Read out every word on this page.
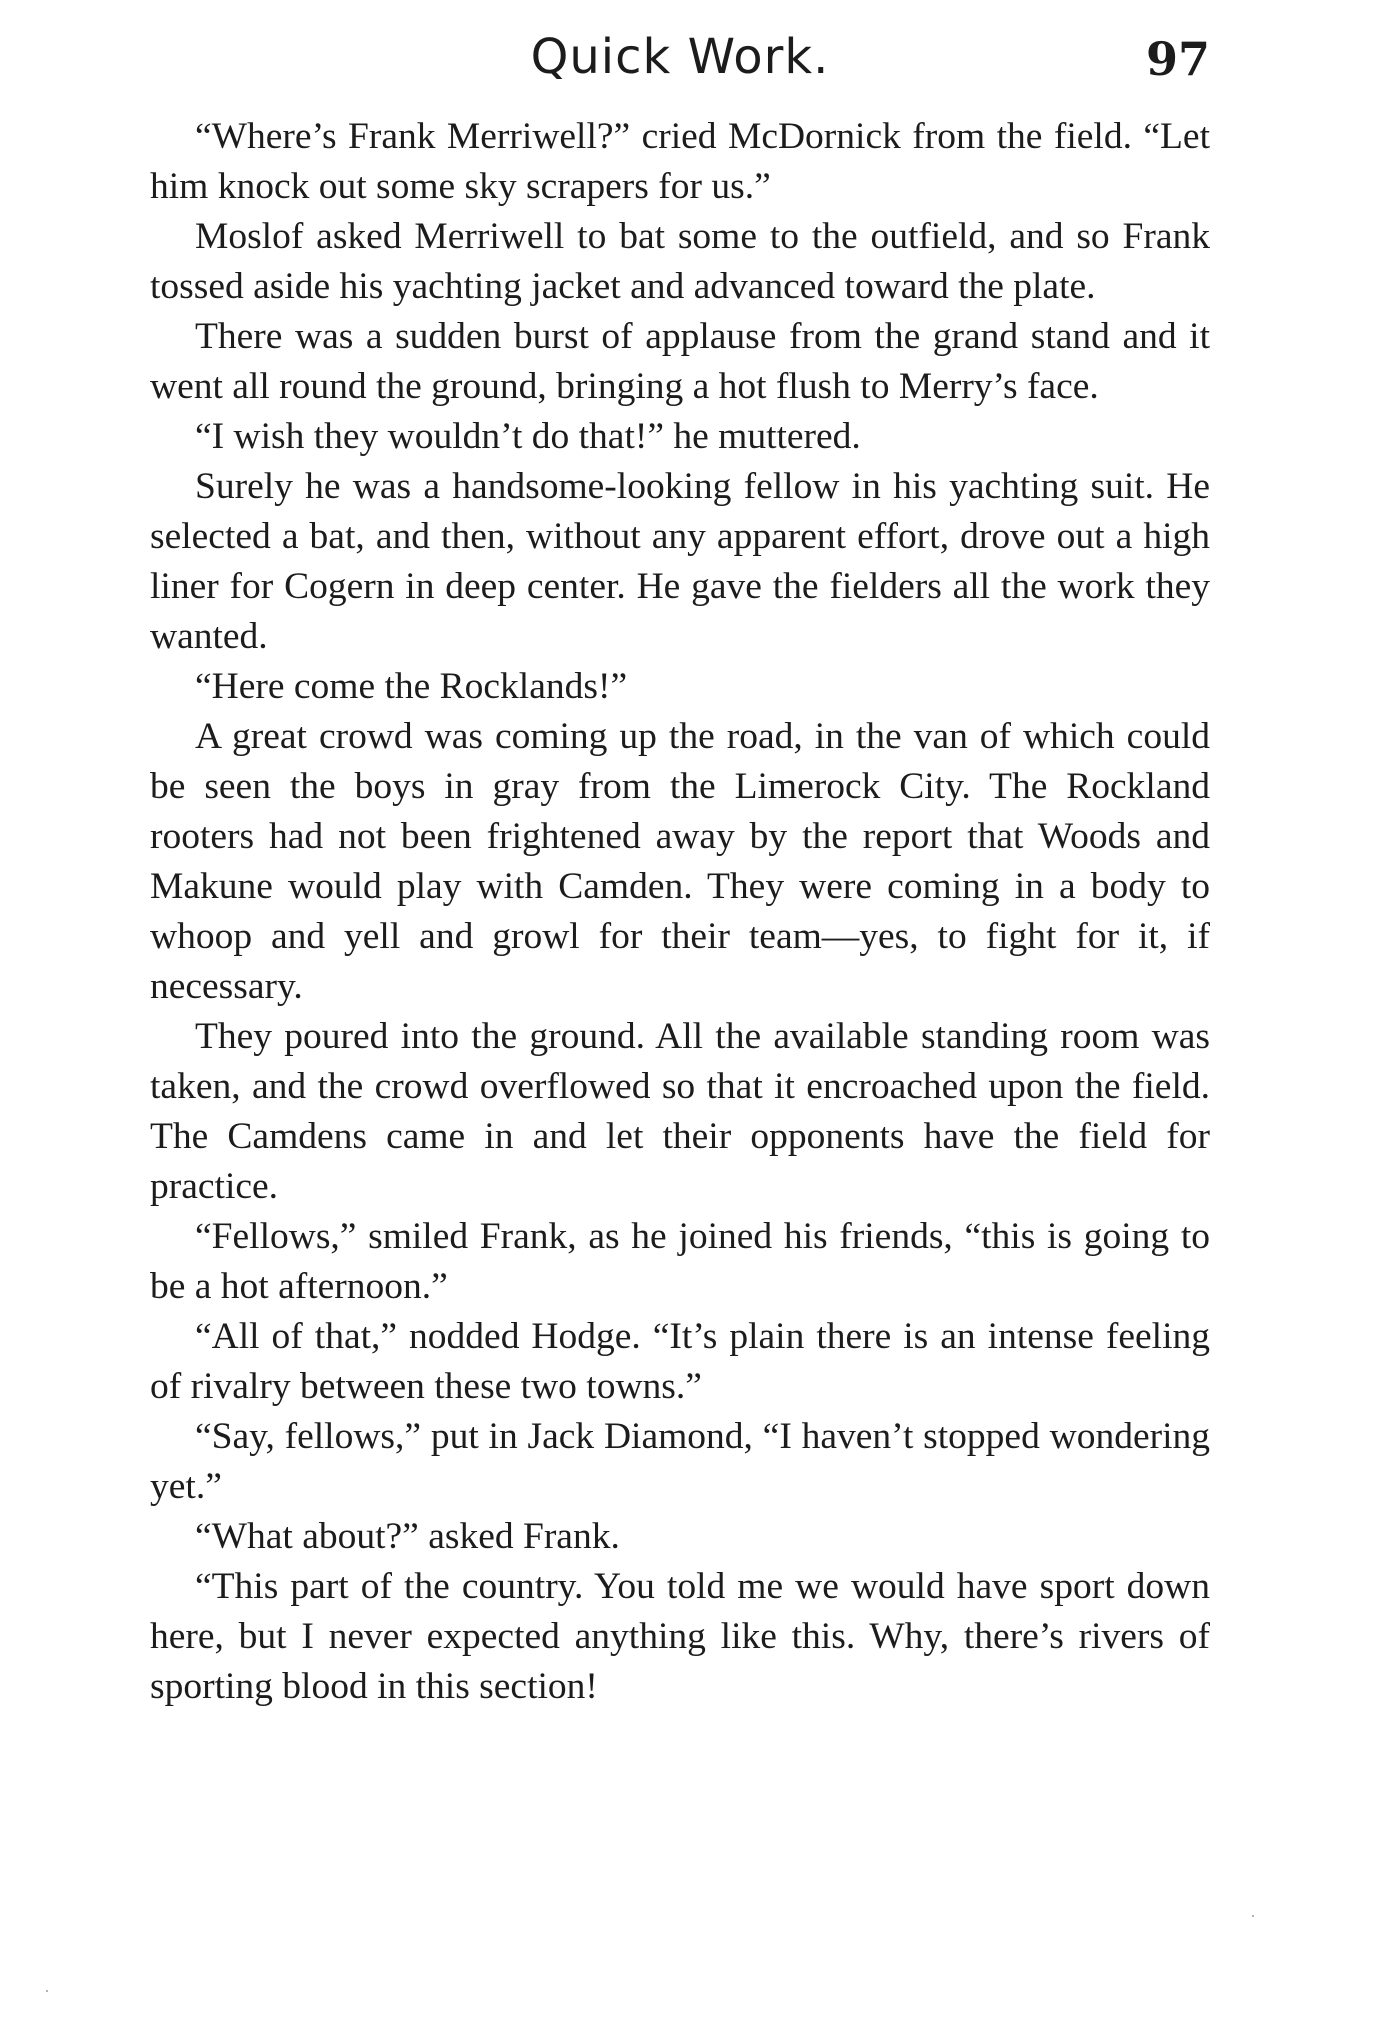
Quick Work.	97

“Where’s Frank Merriwell?” cried McDornick from the field. “Let him knock out some sky scrapers for us.”

Moslof asked Merriwell to bat some to the outfield, and so Frank tossed aside his yachting jacket and advanced toward the plate.

There was a sudden burst of applause from the grand stand and it went all round the ground, bringing a hot flush to Merry’s face.

“I wish they wouldn’t do that!” he muttered.

Surely he was a handsome-looking fellow in his yachting suit. He selected a bat, and then, without any apparent effort, drove out a high liner for Cogern in deep center. He gave the fielders all the work they wanted.

“Here come the Rocklands!”

A great crowd was coming up the road, in the van of which could be seen the boys in gray from the Limerock City. The Rockland rooters had not been frightened away by the report that Woods and Makune would play with Camden. They were coming in a body to whoop and yell and growl for their team—yes, to fight for it, if necessary.

They poured into the ground. All the available standing room was taken, and the crowd overflowed so that it encroached upon the field. The Camdens came in and let their opponents have the field for practice.

“Fellows,” smiled Frank, as he joined his friends, “this is going to be a hot afternoon.”

“All of that,” nodded Hodge. “It’s plain there is an intense feeling of rivalry between these two towns.”

“Say, fellows,” put in Jack Diamond, “I haven’t stopped wondering yet.”

“What about?” asked Frank.

“This part of the country. You told me we would have sport down here, but I never expected anything like this. Why, there’s rivers of sporting blood in this section!
